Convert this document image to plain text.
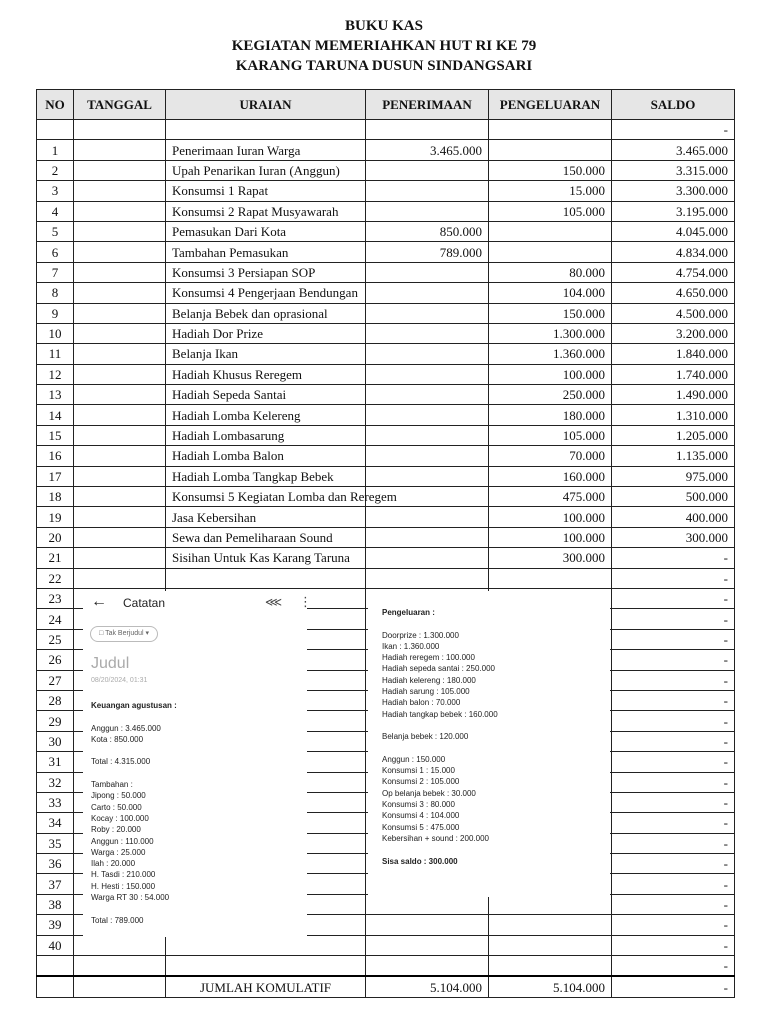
BUKU KAS
KEGIATAN MEMERIAHKAN HUT RI KE 79
KARANG TARUNA DUSUN SINDANGSARI
NO	TANGGAL	URAIAN	PENERIMAAN	PENGELUARAN	SALDO
					-
1		Penerimaan Iuran Warga	3.465.000		3.465.000
2		Upah Penarikan Iuran (Anggun)		150.000	3.315.000
3		Konsumsi 1 Rapat		15.000	3.300.000
4		Konsumsi 2 Rapat Musyawarah		105.000	3.195.000
5		Pemasukan Dari Kota	850.000		4.045.000
6		Tambahan Pemasukan	789.000		4.834.000
7		Konsumsi 3 Persiapan SOP		80.000	4.754.000
8		Konsumsi 4 Pengerjaan Bendungan		104.000	4.650.000
9		Belanja Bebek dan oprasional		150.000	4.500.000
10		Hadiah Dor Prize		1.300.000	3.200.000
11		Belanja Ikan		1.360.000	1.840.000
12		Hadiah Khusus Reregem		100.000	1.740.000
13		Hadiah Sepeda Santai		250.000	1.490.000
14		Hadiah Lomba Kelereng		180.000	1.310.000
15		Hadiah Lombasarung		105.000	1.205.000
16		Hadiah Lomba Balon		70.000	1.135.000
17		Hadiah Lomba Tangkap Bebek		160.000	975.000
18		Konsumsi 5 Kegiatan Lomba dan Reregem		475.000	500.000
19		Jasa Kebersihan		100.000	400.000
20		Sewa dan Pemeliharaan Sound		100.000	300.000
21		Sisihan Untuk Kas Karang Taruna		300.000	-
22					-
23					-
24					-
25					-
26					-
27					-
28					-
29					-
30					-
31					-
32					-
33					-
34					-
35					-
36					-
37					-
38					-
39					-
40					-
					-
		JUMLAH KOMULATIF	5.104.000	5.104.000	-
← Catatan	⋘ ⋮
□ Tak Berjudul ▾
Judul
08/20/2024, 01:31
Keuangan agustusan :
Anggun : 3.465.000
Kota : 850.000
Total : 4.315.000
Tambahan :
Jipong : 50.000
Carto : 50.000
Kocay : 100.000
Roby : 20.000
Anggun : 110.000
Warga : 25.000
Ilah : 20.000
H. Tasdi : 210.000
H. Hesti : 150.000
Warga RT 30 : 54.000
Total : 789.000
Pengeluaran :
Doorprize : 1.300.000
Ikan : 1.360.000
Hadiah reregem : 100.000
Hadiah sepeda santai : 250.000
Hadiah kelereng : 180.000
Hadiah sarung : 105.000
Hadiah balon : 70.000
Hadiah tangkap bebek : 160.000
Belanja bebek : 120.000
Anggun : 150.000
Konsumsi 1 : 15.000
Konsumsi 2 : 105.000
Op belanja bebek : 30.000
Konsumsi 3 : 80.000
Konsumsi 4 : 104.000
Konsumsi 5 : 475.000
Kebersihan + sound : 200.000
Sisa saldo : 300.000
